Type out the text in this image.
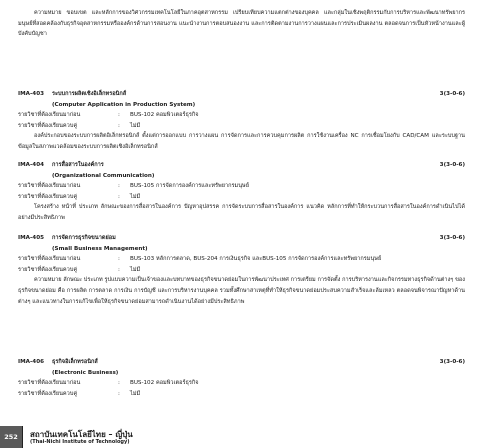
ความหมาย ขอบเขต และหลักการของวิศวกรรมเทคโนโลยีในภาคอุตสาหกรรม เปรียบเทียบความแตกต่างของบุคคล และกลุ่มในเชิงพฤติกรรมกับการบริหารและพัฒนาทรัพยากรมนุษย์ที่สอดคล้องกับธุรกิจอุตสาหกรรมหรือองค์กรด้านการสอนงาน แนะนำงานการตอบสนองงาน และการติดตามงานการวางแผนและการประเมินผลงาน ตลอดจนการเป็นหัวหน้างานและผู้บังคับบัญชา

IMA-403 ระบบการผลิตเชิงอิเล็กทรอนิกส์	3(3-0-6)
(Computer Application in Production System)
รายวิชาที่ต้องเรียนมาก่อน	: BUS-102 คอมพิวเตอร์ธุรกิจ
รายวิชาที่ต้องเรียนควบคู่	: ไม่มี

องค์ประกอบของระบบการผลิตอิเล็กทรอนิกส์ ตั้งแต่การออกแบบ การวางแผน การจัดการและการควบคุมการผลิต การใช้งานเครื่อง NC การเชื่อมโยงกับ CAD/CAM และระบบฐานข้อมูลในสภาพแวดล้อมของระบบการผลิตเชิงอิเล็กทรอนิกส์

IMA-404 การสื่อสารในองค์การ	3(3-0-6)
(Organizational Communication)
รายวิชาที่ต้องเรียนมาก่อน	: BUS-105 การจัดการองค์การและทรัพยากรมนุษย์
รายวิชาที่ต้องเรียนควบคู่	: ไม่มี

โครงสร้าง หน้าที่ ประเภท ลักษณะของการสื่อสารในองค์การ ปัญหาอุปสรรค การจัดระบบการสื่อสารในองค์การ แนวคิด หลักการที่ทำให้กระบวนการสื่อสารในองค์การดำเนินไปได้อย่างมีประสิทธิภาพ

IMA-405 การจัดการธุรกิจขนาดย่อม	3(3-0-6)
(Small Business Management)
รายวิชาที่ต้องเรียนมาก่อน	: BUS-103 หลักการตลาด, BUS-204 การเงินธุรกิจ และBUS-105 การจัดการองค์การและทรัพยากรมนุษย์
รายวิชาที่ต้องเรียนควบคู่	: ไม่มี

ความหมาย ลักษณะ ประเภท รูปแบบความเป็นเจ้าของและบทบาทของธุรกิจขนาดย่อมในการพัฒนาประเทศ การเตรียม การจัดตั้ง การบริหารงานและกิจกรรมทางธุรกิจด้านต่างๆ ของธุรกิจขนาดย่อม คือ การผลิต การตลาด การเงิน การบัญชี และการบริหารงานบุคคล รวมทั้งศึกษาสาเหตุที่ทำให้ธุรกิจขนาดย่อมประสบความสำเร็จและล้มเหลว ตลอดจนพิจารณาปัญหาด้านต่างๆ และแนวทางในการแก้ไขเพื่อให้ธุรกิจขนาดย่อมสามารถดำเนินงานได้อย่างมีประสิทธิภาพ

IMA-406 ธุรกิจอิเล็กทรอนิกส์	3(3-0-6)
(Electronic Business)
รายวิชาที่ต้องเรียนมาก่อน	: BUS-102 คอมพิวเตอร์ธุรกิจ
รายวิชาที่ต้องเรียนควบคู่	: ไม่มี
252	สถาบันเทคโนโลยีไทย – ญี่ปุ่น
(Thai-Nichi Institute of Technology)
